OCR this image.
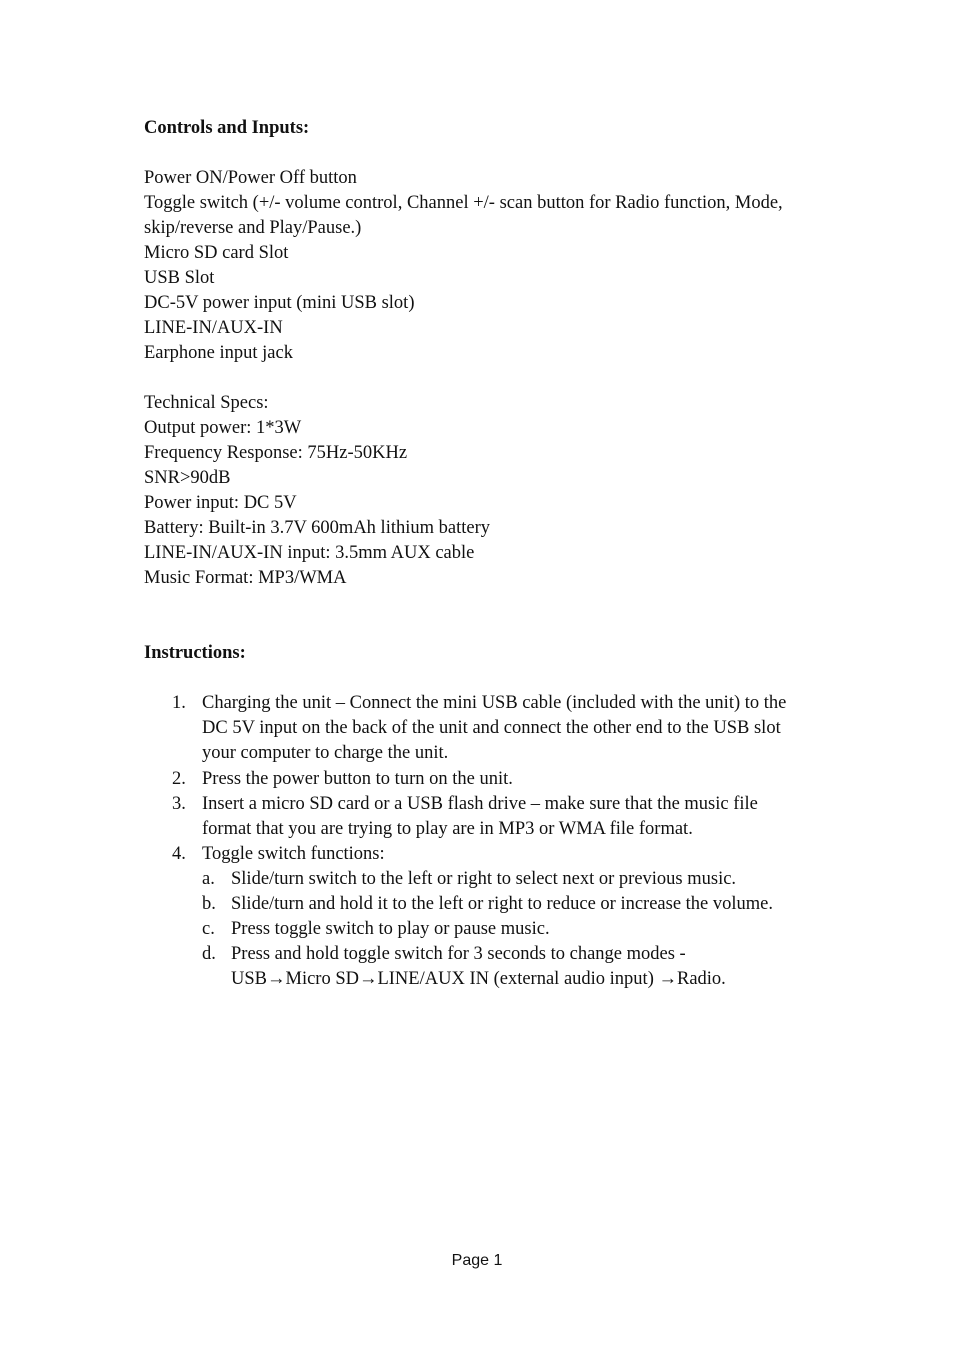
Controls and Inputs:
Power ON/Power Off button
Toggle switch (+/- volume control, Channel +/- scan button for Radio function, Mode,
skip/reverse and Play/Pause.)
Micro SD card Slot
USB Slot
DC-5V power input (mini USB slot)
LINE-IN/AUX-IN
Earphone input jack
Technical Specs:
Output power: 1*3W
Frequency Response: 75Hz-50KHz
SNR>90dB
Power input: DC 5V
Battery: Built-in 3.7V 600mAh lithium battery
LINE-IN/AUX-IN input: 3.5mm AUX cable
Music Format: MP3/WMA
Instructions:
1. Charging the unit – Connect the mini USB cable (included with the unit) to the
DC 5V input on the back of the unit and connect the other end to the USB slot
your computer to charge the unit.
2. Press the power button to turn on the unit.
3. Insert a micro SD card or a USB flash drive – make sure that the music file
format that you are trying to play are in MP3 or WMA file format.
4. Toggle switch functions:
a. Slide/turn switch to the left or right to select next or previous music.
b. Slide/turn and hold it to the left or right to reduce or increase the volume.
c. Press toggle switch to play or pause music.
d. Press and hold toggle switch for 3 seconds to change modes -
USB→Micro SD→LINE/AUX IN (external audio input) →Radio.
Page 1
